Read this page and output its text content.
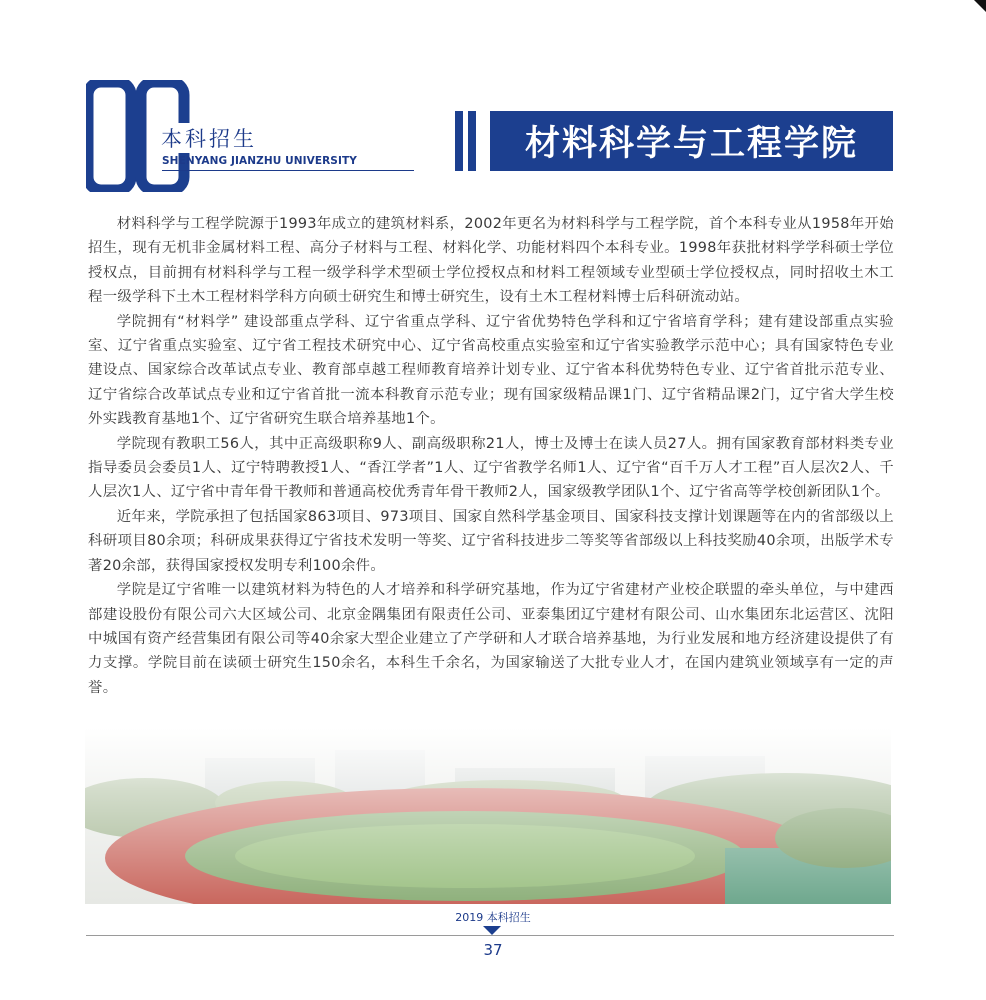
本科招生
SHENYANG JIANZHU UNIVERSITY	材料科学与工程学院

材料科学与工程学院源于1993年成立的建筑材料系，2002年更名为材料科学与工程学院，首个本科专业从1958年开始招生，现有无机非金属材料工程、高分子材料与工程、材料化学、功能材料四个本科专业。1998年获批材料学学科硕士学位授权点，目前拥有材料科学与工程一级学科学术型硕士学位授权点和材料工程领域专业型硕士学位授权点，同时招收土木工程一级学科下土木工程材料学科方向硕士研究生和博士研究生，设有土木工程材料博士后科研流动站。

学院拥有“材料学” 建设部重点学科、辽宁省重点学科、辽宁省优势特色学科和辽宁省培育学科；建有建设部重点实验室、辽宁省重点实验室、辽宁省工程技术研究中心、辽宁省高校重点实验室和辽宁省实验教学示范中心；具有国家特色专业建设点、国家综合改革试点专业、教育部卓越工程师教育培养计划专业、辽宁省本科优势特色专业、辽宁省首批示范专业、辽宁省综合改革试点专业和辽宁省首批一流本科教育示范专业；现有国家级精品课1门、辽宁省精品课2门，辽宁省大学生校外实践教育基地1个、辽宁省研究生联合培养基地1个。

学院现有教职工56人，其中正高级职称9人、副高级职称21人，博士及博士在读人员27人。拥有国家教育部材料类专业指导委员会委员1人、辽宁特聘教授1人、“香江学者”1人、辽宁省教学名师1人、辽宁省“百千万人才工程”百人层次2人、千人层次1人、辽宁省中青年骨干教师和普通高校优秀青年骨干教师2人，国家级教学团队1个、辽宁省高等学校创新团队1个。

近年来，学院承担了包括国家863项目、973项目、国家自然科学基金项目、国家科技支撑计划课题等在内的省部级以上科研项目80余项；科研成果获得辽宁省技术发明一等奖、辽宁省科技进步二等奖等省部级以上科技奖励40余项，出版学术专著20余部，获得国家授权发明专利100余件。

学院是辽宁省唯一以建筑材料为特色的人才培养和科学研究基地，作为辽宁省建材产业校企联盟的牵头单位，与中建西部建设股份有限公司六大区域公司、北京金隅集团有限责任公司、亚泰集团辽宁建材有限公司、山水集团东北运营区、沈阳中城国有资产经营集团有限公司等40余家大型企业建立了产学研和人才联合培养基地，为行业发展和地方经济建设提供了有力支撑。学院目前在读硕士研究生150余名，本科生千余名，为国家输送了大批专业人才，在国内建筑业领域享有一定的声誉。

2019 本科招生
37
